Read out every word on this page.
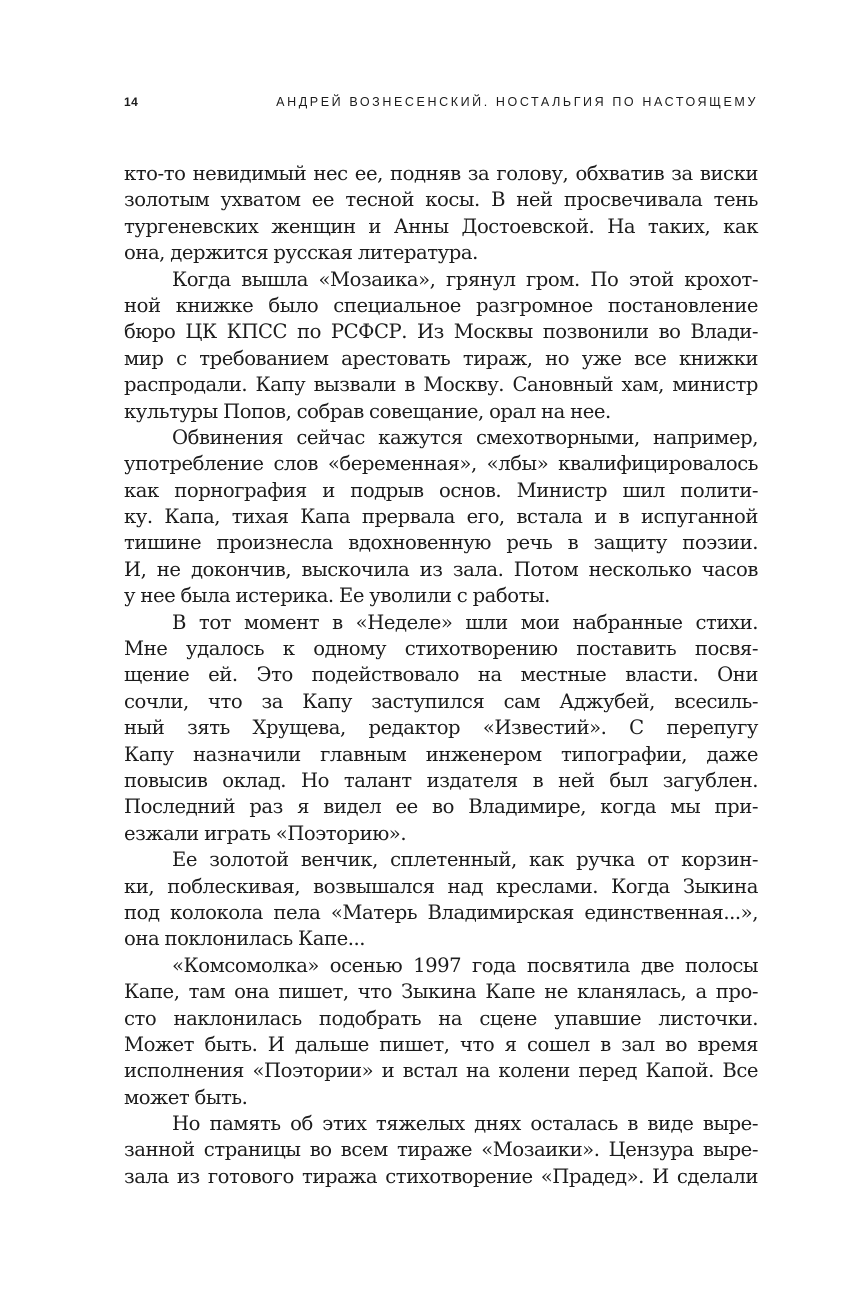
14	АНДРЕЙ ВОЗНЕСЕНСКИЙ. НОСТАЛЬГИЯ ПО НАСТОЯЩЕМУ
кто-то невидимый нес ее, подняв за голову, обхватив за виски
золотым ухватом ее тесной косы. В ней просвечивала тень
тургеневских женщин и Анны Достоевской. На таких, как
она, держится русская литература.
Когда вышла «Мозаика», грянул гром. По этой крохот-
ной книжке было специальное разгромное постановление
бюро ЦК КПСС по РСФСР. Из Москвы позвонили во Влади-
мир с требованием арестовать тираж, но уже все книжки
распродали. Капу вызвали в Москву. Сановный хам, министр
культуры Попов, собрав совещание, орал на нее.
Обвинения сейчас кажутся смехотворными, например,
употребление слов «беременная», «лбы» квалифицировалось
как порнография и подрыв основ. Министр шил полити-
ку. Капа, тихая Капа прервала его, встала и в испуганной
тишине произнесла вдохновенную речь в защиту поэзии.
И, не докончив, выскочила из зала. Потом несколько часов
у нее была истерика. Ее уволили с работы.
В тот момент в «Неделе» шли мои набранные стихи.
Мне удалось к одному стихотворению поставить посвя-
щение ей. Это подействовало на местные власти. Они
сочли, что за Капу заступился сам Аджубей, всесиль-
ный зять Хрущева, редактор «Известий». С перепугу
Капу назначили главным инженером типографии, даже
повысив оклад. Но талант издателя в ней был загублен.
Последний раз я видел ее во Владимире, когда мы при-
езжали играть «Поэторию».
Ее золотой венчик, сплетенный, как ручка от корзин-
ки, поблескивая, возвышался над креслами. Когда Зыкина
под колокола пела «Матерь Владимирская единственная...»,
она поклонилась Капе...
«Комсомолка» осенью 1997 года посвятила две полосы
Капе, там она пишет, что Зыкина Капе не кланялась, а про-
сто наклонилась подобрать на сцене упавшие листочки.
Может быть. И дальше пишет, что я сошел в зал во время
исполнения «Поэтории» и встал на колени перед Капой. Все
может быть.
Но память об этих тяжелых днях осталась в виде выре-
занной страницы во всем тираже «Мозаики». Цензура выре-
зала из готового тиража стихотворение «Прадед». И сделали
